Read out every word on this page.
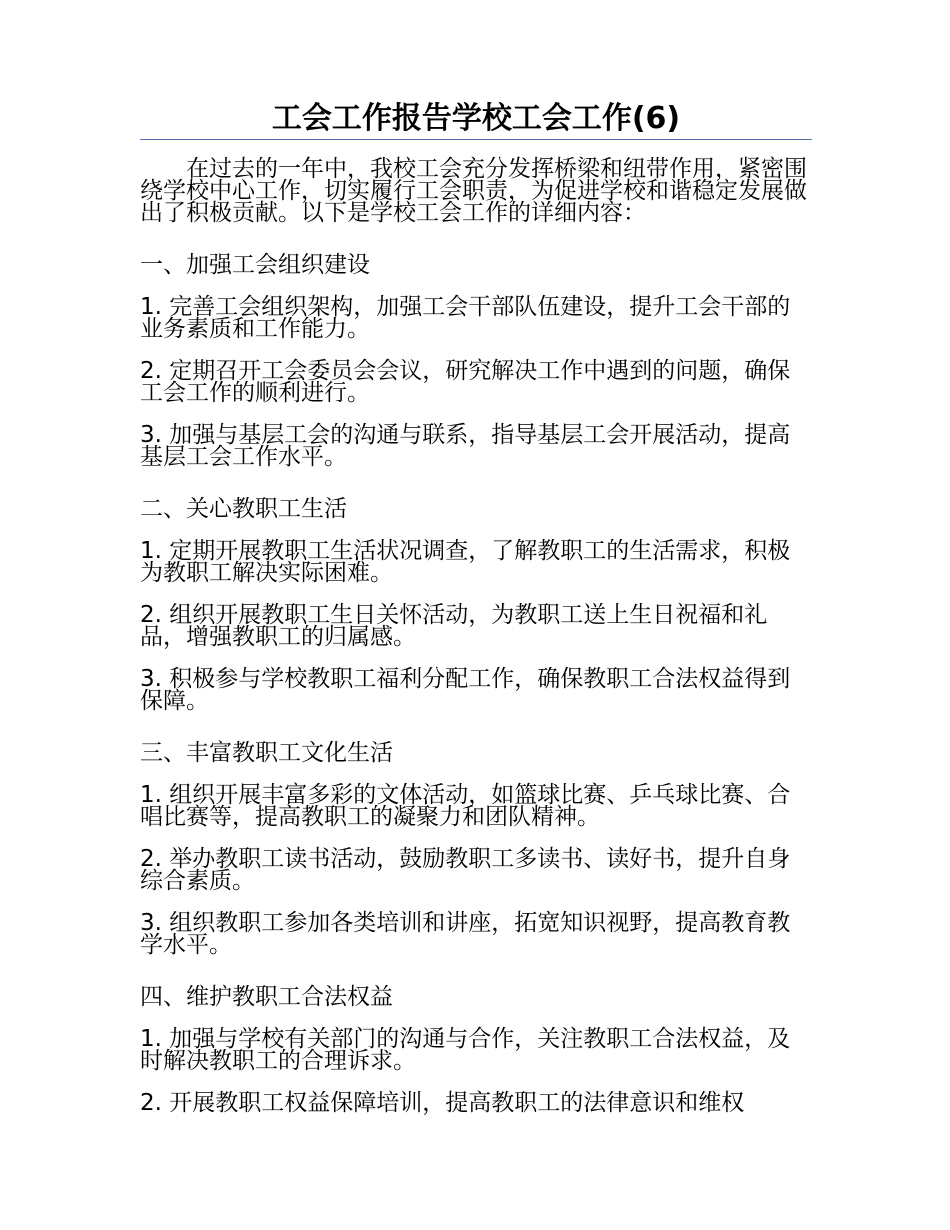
工会工作报告学校工会工作(6)

在过去的一年中，我校工会充分发挥桥梁和纽带作用，紧密围绕学校中心工作，切实履行工会职责，为促进学校和谐稳定发展做出了积极贡献。以下是学校工会工作的详细内容：

一、加强工会组织建设

1. 完善工会组织架构，加强工会干部队伍建设，提升工会干部的业务素质和工作能力。

2. 定期召开工会委员会会议，研究解决工作中遇到的问题，确保工会工作的顺利进行。

3. 加强与基层工会的沟通与联系，指导基层工会开展活动，提高基层工会工作水平。

二、关心教职工生活

1. 定期开展教职工生活状况调查，了解教职工的生活需求，积极为教职工解决实际困难。

2. 组织开展教职工生日关怀活动，为教职工送上生日祝福和礼品，增强教职工的归属感。

3. 积极参与学校教职工福利分配工作，确保教职工合法权益得到保障。

三、丰富教职工文化生活

1. 组织开展丰富多彩的文体活动，如篮球比赛、乒乓球比赛、合唱比赛等，提高教职工的凝聚力和团队精神。

2. 举办教职工读书活动，鼓励教职工多读书、读好书，提升自身综合素质。

3. 组织教职工参加各类培训和讲座，拓宽知识视野，提高教育教学水平。

四、维护教职工合法权益

1. 加强与学校有关部门的沟通与合作，关注教职工合法权益，及时解决教职工的合理诉求。

2. 开展教职工权益保障培训，提高教职工的法律意识和维权
